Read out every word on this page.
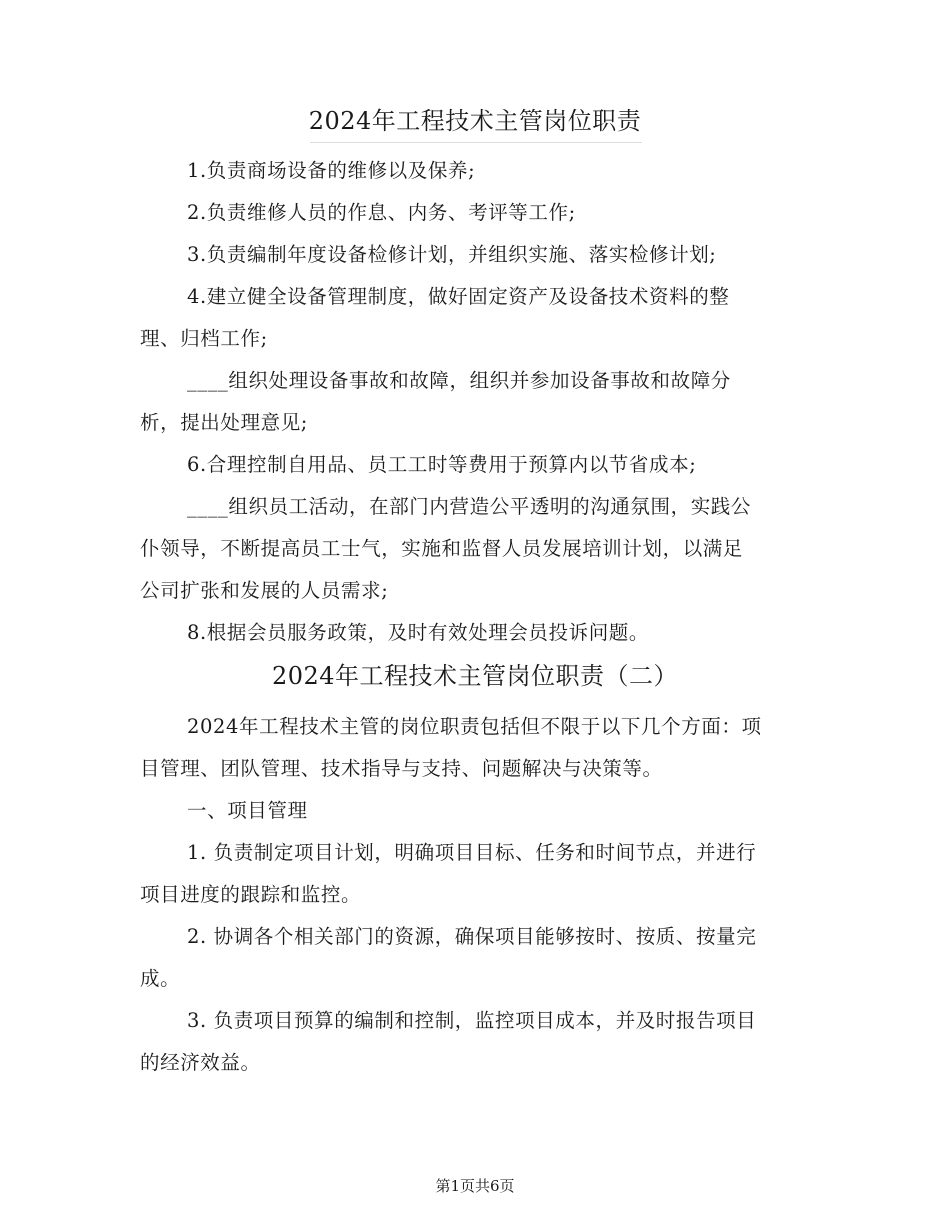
2024年工程技术主管岗位职责
1.负责商场设备的维修以及保养;
2.负责维修人员的作息、内务、考评等工作;
3.负责编制年度设备检修计划，并组织实施、落实检修计划;
4.建立健全设备管理制度，做好固定资产及设备技术资料的整
理、归档工作;
____组织处理设备事故和故障，组织并参加设备事故和故障分
析，提出处理意见;
6.合理控制自用品、员工工时等费用于预算内以节省成本;
____组织员工活动，在部门内营造公平透明的沟通氛围，实践公
仆领导，不断提高员工士气，实施和监督人员发展培训计划，以满足
公司扩张和发展的人员需求;
8.根据会员服务政策，及时有效处理会员投诉问题。
2024年工程技术主管岗位职责（二）
2024年工程技术主管的岗位职责包括但不限于以下几个方面：项
目管理、团队管理、技术指导与支持、问题解决与决策等。
一、项目管理
1. 负责制定项目计划，明确项目目标、任务和时间节点，并进行
项目进度的跟踪和监控。
2. 协调各个相关部门的资源，确保项目能够按时、按质、按量完
成。
3. 负责项目预算的编制和控制，监控项目成本，并及时报告项目
的经济效益。
第1页共6页
